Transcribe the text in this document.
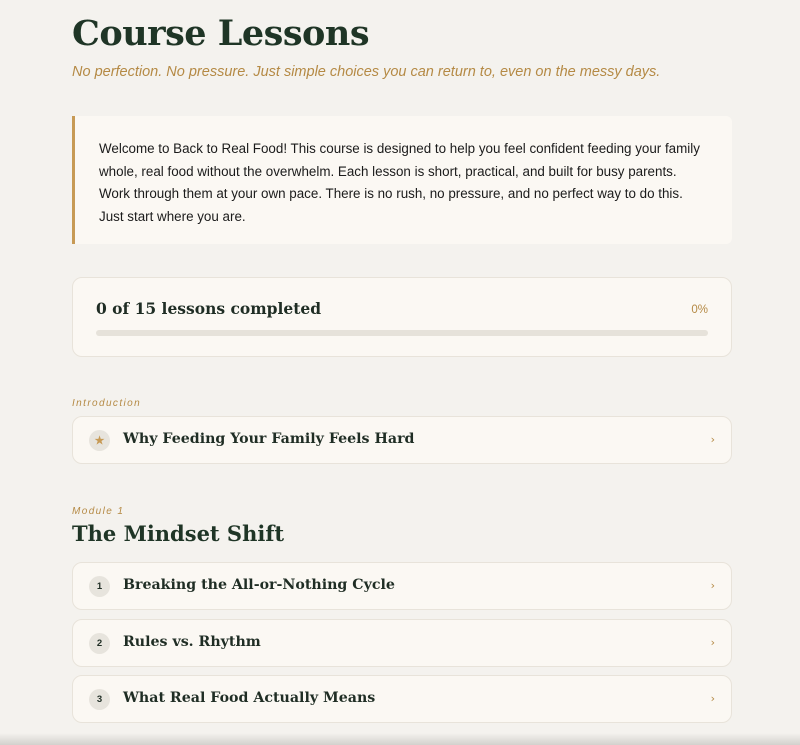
Course Lessons
No perfection. No pressure. Just simple choices you can return to, even on the messy days.

Welcome to Back to Real Food! This course is designed to help you feel confident feeding your family whole, real food without the overwhelm. Each lesson is short, practical, and built for busy parents. Work through them at your own pace. There is no rush, no pressure, and no perfect way to do this. Just start where you are.

0 of 15 lessons completed	0%
Introduction
★	Why Feeding Your Family Feels Hard	›
Module 1
The Mindset Shift
1	Breaking the All-or-Nothing Cycle	›
2	Rules vs. Rhythm	›
3	What Real Food Actually Means	›
